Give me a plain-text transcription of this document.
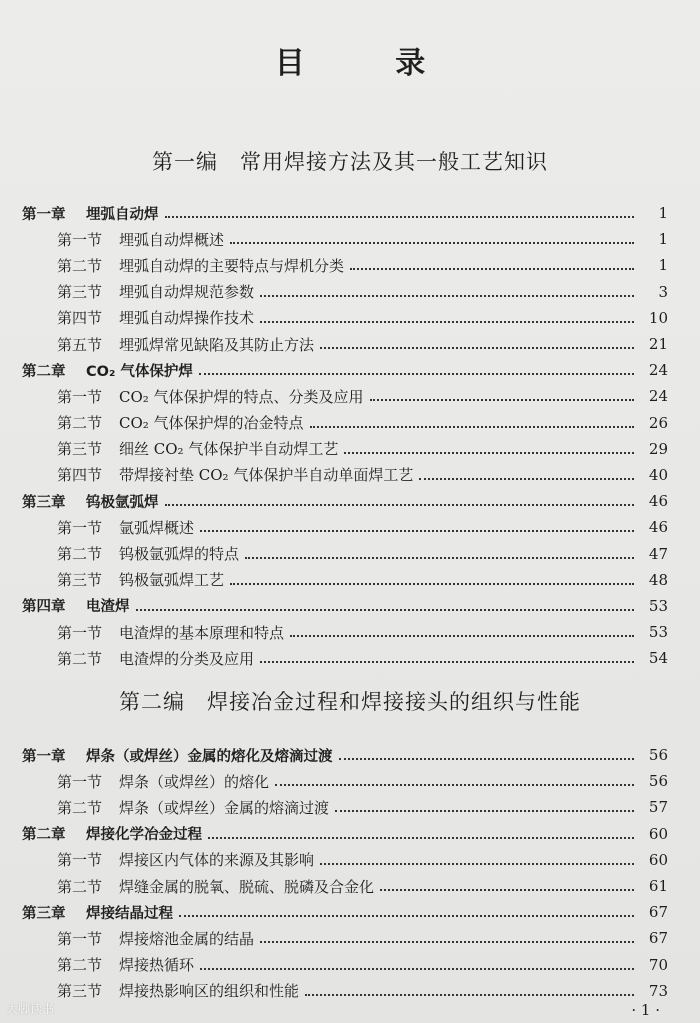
目 录
第一编　常用焊接方法及其一般工艺知识
第一章	埋弧自动焊	1
第一节	埋弧自动焊概述	1
第二节	埋弧自动焊的主要特点与焊机分类	1
第三节	埋弧自动焊规范参数	3
第四节	埋弧自动焊操作技术	10
第五节	埋弧焊常见缺陷及其防止方法	21
第二章	CO₂ 气体保护焊	24
第一节	CO₂ 气体保护焊的特点、分类及应用	24
第二节	CO₂ 气体保护焊的冶金特点	26
第三节	细丝 CO₂ 气体保护半自动焊工艺	29
第四节	带焊接衬垫 CO₂ 气体保护半自动单面焊工艺	40
第三章	钨极氩弧焊	46
第一节	氩弧焊概述	46
第二节	钨极氩弧焊的特点	47
第三节	钨极氩弧焊工艺	48
第四章	电渣焊	53
第一节	电渣焊的基本原理和特点	53
第二节	电渣焊的分类及应用	54
第二编　焊接冶金过程和焊接接头的组织与性能
第一章	焊条（或焊丝）金属的熔化及熔滴过渡	56
第一节	焊条（或焊丝）的熔化	56
第二节	焊条（或焊丝）金属的熔滴过渡	57
第二章	焊接化学冶金过程	60
第一节	焊接区内气体的来源及其影响	60
第二节	焊缝金属的脱氧、脱硫、脱磷及合金化	61
第三章	焊接结晶过程	67
第一节	焊接熔池金属的结晶	67
第二节	焊接热循环	70
第三节	焊接热影响区的组织和性能	73
· 1 ·
大脚读书
